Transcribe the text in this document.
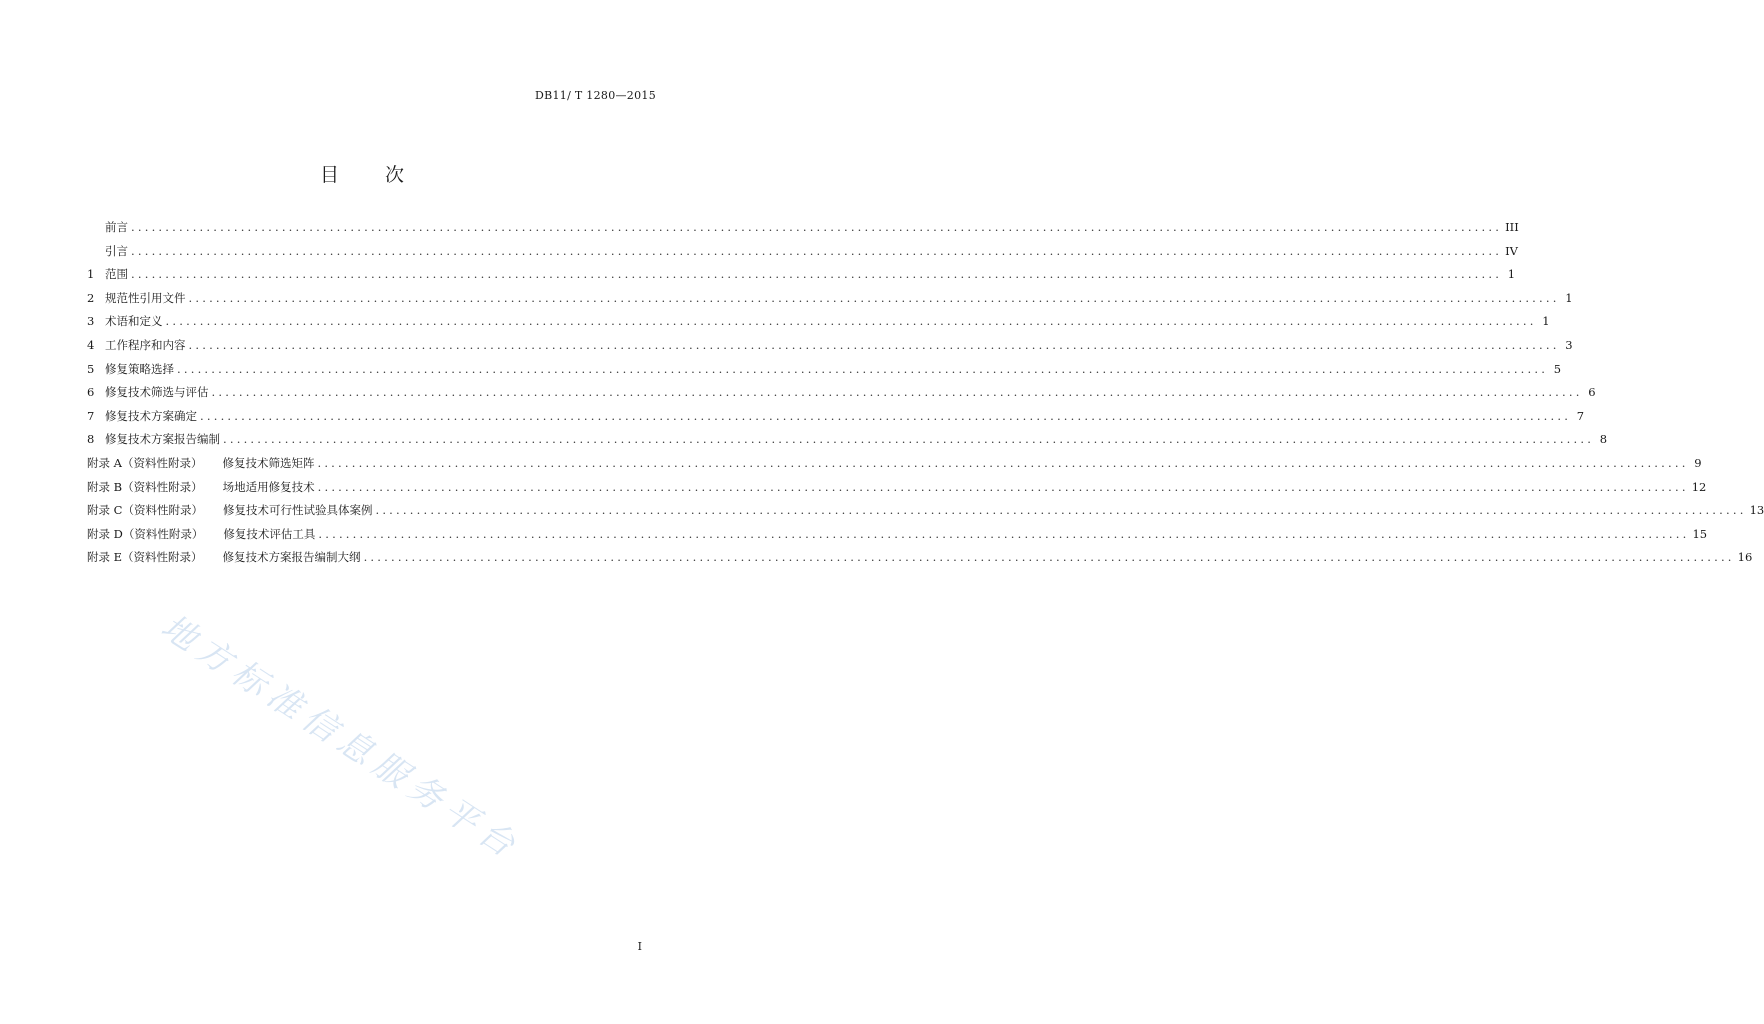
DB11/ T 1280—2015
目 次
前言 ........................................................................................................................................................................................................ III
引言 ........................................................................................................................................................................................................ IV
1 范围 ........................................................................................................................................................................................................ 1
2 规范性引用文件 ........................................................................................................................................................................................................ 1
3 术语和定义 ........................................................................................................................................................................................................ 1
4 工作程序和内容 ........................................................................................................................................................................................................ 3
5 修复策略选择 ........................................................................................................................................................................................................ 5
6 修复技术筛选与评估 ........................................................................................................................................................................................................ 6
7 修复技术方案确定 ........................................................................................................................................................................................................ 7
8 修复技术方案报告编制 ........................................................................................................................................................................................................ 8
附录 A（资料性附录） 修复技术筛选矩阵 ........................................................................................................................................................................................................ 9
附录 B（资料性附录） 场地适用修复技术 ........................................................................................................................................................................................................ 12
附录 C（资料性附录） 修复技术可行性试验具体案例 ........................................................................................................................................................................................................ 13
附录 D（资料性附录） 修复技术评估工具 ........................................................................................................................................................................................................ 15
附录 E（资料性附录） 修复技术方案报告编制大纲 ........................................................................................................................................................................................................ 16
地方标准信息服务平台
I
